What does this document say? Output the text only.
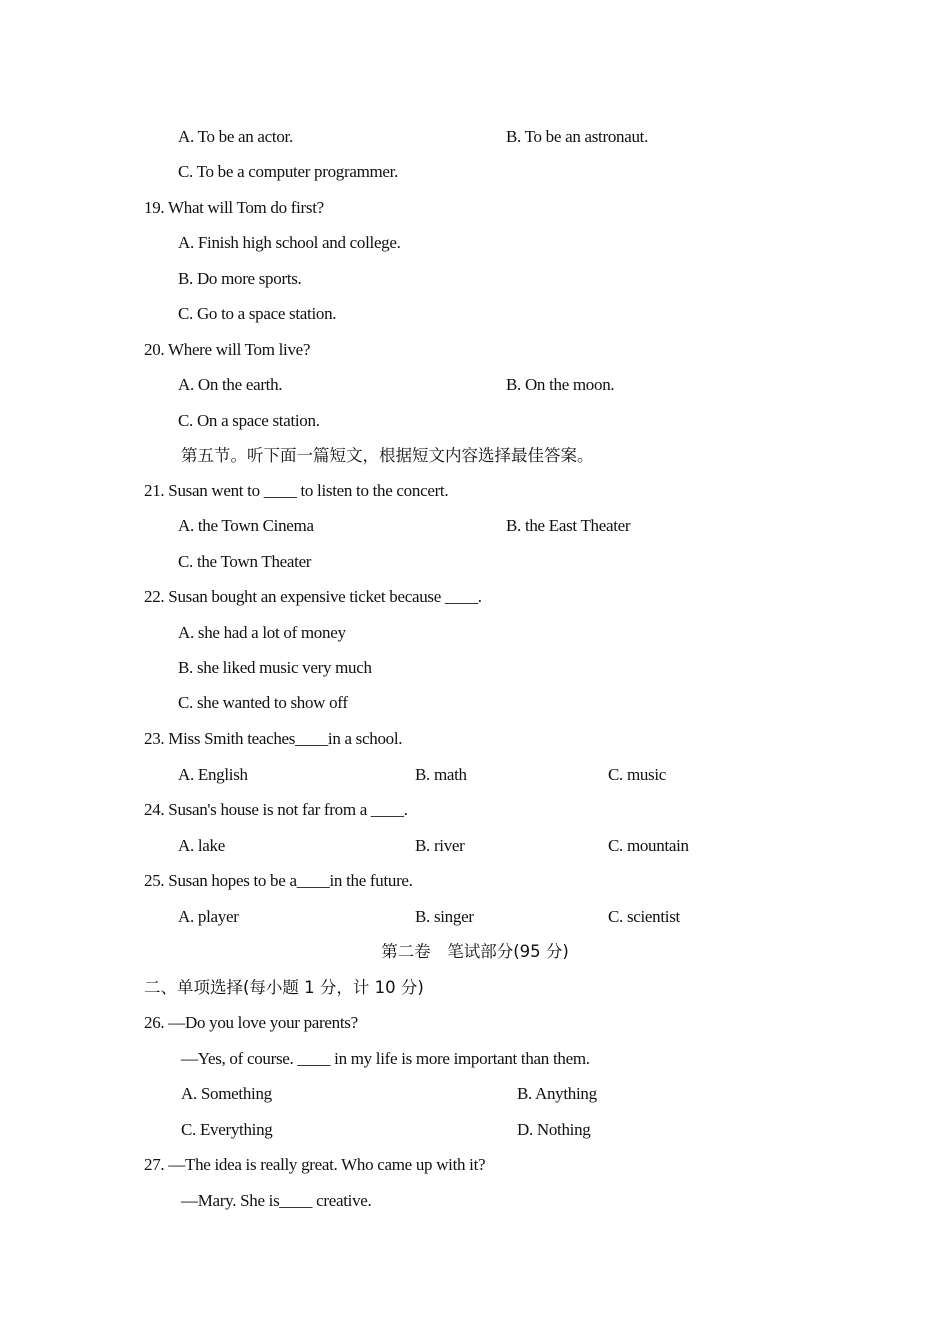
A. To be an actor.	B. To be an astronaut.
C. To be a computer programmer.
19. What will Tom do first?
A. Finish high school and college.
B. Do more sports.
C. Go to a space station.
20. Where will Tom live?
A. On the earth.	B. On the moon.
C. On a space station.
第五节。听下面一篇短文，根据短文内容选择最佳答案。
21. Susan went to ____ to listen to the concert.
A. the Town Cinema	B. the East Theater
C. the Town Theater
22. Susan bought an expensive ticket because ____.
A. she had a lot of money
B. she liked music very much
C. she wanted to show off
23. Miss Smith teaches____in a school.
A. English	B. math	C. music
24. Susan's house is not far from a ____.
A. lake	B. river	C. mountain
25. Susan hopes to be a____in the future.
A. player	B. singer	C. scientist
第二卷　笔试部分(95 分)
二、单项选择(每小题 1 分，计 10 分)
26. —Do you love your parents?
—Yes, of course. ____ in my life is more important than them.
A. Something	B. Anything
C. Everything	D. Nothing
27. —The idea is really great. Who came up with it?
—Mary. She is____ creative.
